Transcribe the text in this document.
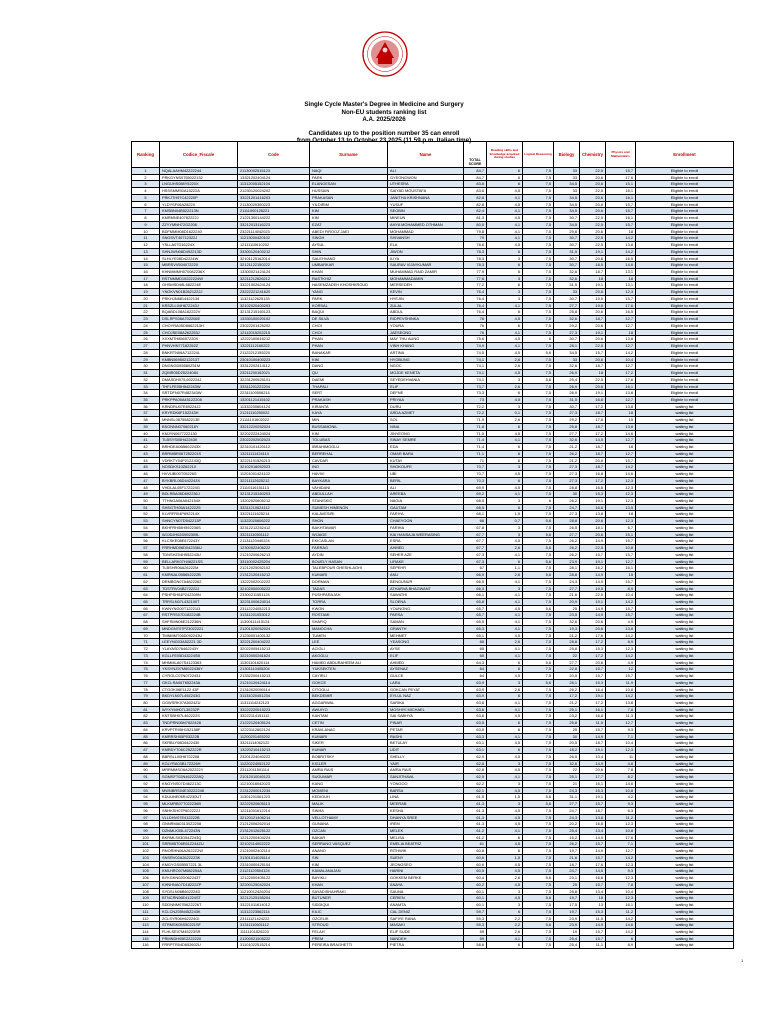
Single Cycle Master's Degree in Medicine and Surgery
Non-EU students ranking list
A.A. 2025/2026
Candidates up to the position number 35 can enroll
from October 13 to October 23,2025 (11.59 p.m. Italian time)
Ranking	Codice_Fiscale	Code	Surname	Name	TOTAL SCORE	Reading skills and knowledge acquired during studies	Logical Reasoning	Biology	Chemistry	Physics and Mathematics	Enrollment
1	NQALAAHM42222244	21130002515123	NAQI	ALI	84,7	6	7,5	33	22,5	15,7	Eligible to enroll
2	PRKGYNS0755022132	13321202404124	PARK	GYEONGWON	84,7	6	7,5	33	20,6	17,6	Eligible to enroll
3	LNGUHS088Y5220X	11312005152104	ELANGESAN	UTHESRA	83,6	6	7,5	34,5	20,6	15,1	Eligible to enroll
4	HSSSMMS0A15222A	21230120024202	HUSSAIN	SAIYAD MOUSTAFA	83,6	4,5	7,5	33	22,5	16,1	Eligible to enroll
5	PRKJTH97C42220P	33221201416203	PRAKASAN	JANITHA KRISHNANA	82,8	4,1	7,5	34,5	20,6	16,1	Eligible to enroll
6	YLDYSF06A2822X	21130020300223	YILDIRIM	YUSUF	82,8	4,5	7,5	34,5	20,6	15,7	Eligible to enroll
7	KMSBN04B522213N	21111000126221	KIM	SEOBIN	82,4	4,1	7,5	34,5	20,6	15,7	Eligible to enroll
8	KMRMNE40782222J	21221300144222	KIM	MINEUN	81,3	4,5	7,5	30,7	22,5	16,1	Eligible to enroll
9	ZZYYMNH72G2208	33212013116223	EZAT	AHYA MOHAMMED OTHMAN	80,5	4,1	7,5	34,5	22,5	15,7	Eligible to enroll
10	BDFMMM08D1622240	23221114042023	ABEDI FIROOZ JAEI	MOHAMMAD	79,8	4,1	7,5	29,6	20,6	18	Eligible to enroll
11	SNGSVT40712322J	11213000420102	SINGH	SHIVANSH	79	4,1	7,5	30,7	22,5	14,2	Eligible to enroll
12	YSLLA07D16224X	12111110610202	AYSUL	ELA	78,6	4,5	7,5	30,7	22,5	13,8	Eligible to enroll
13	SHNJWN08D492213D	33300120400212	SHIN	JIWON	78,3	6	7,5	31,5	19,1	14,2	Eligible to enroll
14	SLHLYE08D42224W	32101125162014	SALEHVAND	ILIYA	78,3	3	7,5	30,7	20,6	16,5	Eligible to enroll
15	MBRSVV50407222X	32121122150222	UMBARKAR	SAURAV VIJAYKUMAR	78,3	6	7,5	30,7	18,5	14,6	Eligible to enroll
16	KHNMMMH070082236X	13300021424124	KHAN	MUHAMMAD RAID ZAMIR	77,9	6	7,5	32,6	18,7	13,1	Eligible to enroll
17	RSTNMMD10222224W	32211212626212	RASTKHIZ	MOHAMMADAMIN	77,6	3	7,5	32,6	18	18	Eligible to enroll
18	GHSMSD98L682224E	33221002624124	HASEMZADEH KHOSHKROUD	MERSEDEH	77,2	6	7,5	31,5	19,1	13,1	Eligible to enroll
19	YNGKVN01B2621222J	23222221241620	YANG	KEVIN	76,4	3	7,5	33	20,6	12,3	Eligible to enroll
20	PRKHJN8814422134	11321122625133	PARK	HYEJIN	76,4	3	7,5	30,7	19,5	15,7	Eligible to enroll
21	KRSZLL04H672243J	32102020400203	KORSAL	ZULAL	76,4	4,1	7,5	27,7	19,5	17,6	Eligible to enroll
22	BQABDL08A162222V	32131215160123	BAQUI	ABDUL	76,4	6	7,5	25,8	20,6	16,5	Eligible to enroll
23	DSLRPS06A702206E	13330100020102	DE SILVA	RIDPEVSHINKA	76	4,5	7,5	32,6	18,7	12,7	Eligible to enroll
24	CHOYRA05D8662213H	23022201425202	CHOI	YOURA	76	6	7,5	29,2	20,6	12,7	Eligible to enroll
25	CHOJSE08A262253J	12112015202215	CHOI	JAESEONG	76	4,1	7,5	27,3	19,1	18	Eligible to enroll
26	XXXMTH85657220X	12222100616212	PHAN	MAY THU AUNG	75,6	4,5	6	30,7	20,6	13,8	Eligible to enroll
27	PHNVHN77182252Z	13221112160222	PHAN	VINH KHANG	74,9	4,1	7,5	28,1	22,5	12,7	Eligible to enroll
28	BNKRTN06A712224L	21122212155220	BANAKAR	ARTINA	74,5	4,5	5,6	34,5	15,7	14,2	Eligible to enroll
29	KMBN56950212213T	23010100400223	KIM	HYOBUNG	74,1	2,6	7,5	33	20,6	10,4	Eligible to enroll
30	DNGNGD55580Z51M	33312202414112	DANG	NGOC	74,1	2,6	7,5	32,6	18,7	12,7	Eligible to enroll
31	ZQMR05D25224084	23211200162021	QU	MOJDE KENETA	74,1	4,5	7,5	26,9	18	17,2	Eligible to enroll
32	DMASDH075,602224J	32231200525101	DAEMI	SEYEDEHVANIA	74,1	3	5,6	25,4	22,5	17,6	Eligible to enroll
33	THFLFE05H542243W	33311201222204	THAPALI	ELIF	73,7	2,6	7,5	26,9	20,6	16,1	Eligible to enroll
34	SRTDFN07R482343W	22311100506214	SERT	DEFNE	73,3	6	7,5	26,9	19,1	13,8	Eligible to enroll
35	PRKPPA05A45122208	13201121415102	PRAKASH	PRIYAA	73	4,5	7,5	31,5	16,8	12,7	Eligible to enroll
36	KRNDRU07E69224J2	11332200604124	KIRANTA	DURU	72,2	3	7,5	30,7	17,2	13,8	waiting list
37	KRYRDK6F152243H	21211110250022	KAYA	ARDA AZMET	72,2	0,1	7,5	27,3	18,7	18	waiting list
38	MNNSL0875582213E	21111101602022	MIN	SOL	71,9	2,6	7,5	29,2	17,6	15	waiting list
39	BSGNNN07060218Y	33212220252024	BUSSAMONIL	NINA	71,8	6	7,5	25,8	18,7	13,8	waiting list
40	KMJYN0677222130	32202222424024	KIM	JINYEONG	71,5	4,5	7,5	27,7	17,2	14,6	waiting list
41	TLBSYS05H422430	23022202502023	TOLUBAS	SINAY SEMRE	71,4	4,1	7,5	32,6	14,5	12,7	waiting list
42	BRHDEA06B602243X	32310101420112	IBRAHIMOGLU	EDA	71,4	6	7,5	21,2	18,7	18	waiting list
43	BRRMBR06T252201S	13211111424114	BERREHAL	OMAR BARA	71,1	6	7,5	26,2	18,7	12,7	waiting list
44	VDRKTY04P212Z43Q	32221101526213	CAVDAR	KUTAY	71	6	7,5	21,2	20,6	15,7	waiting list
45	NOSDKS10Z6221X	32102016052023	INO	SHOKOUFE	70,7	3	7,5	27,3	18,7	14,2	waiting list
46	HVVUBI00T05226S	11201001424102	HAVIVI	UBI	70,7	4,5	7,5	27,3	16,8	14,6	waiting list
47	BYKBRL06D442243X	32211112625212	BAYKARA	BERIL	70,3	6	7,5	27,3	17,2	12,3	waiting list
48	VHDLAL05F172224G	21110116151113	VAHIDANI	ALI	69,9	4,5	7,5	28,8	16,8	12,3	waiting list
49	BDLRBA06D692236J	32131215160203	ABDULLAH	AREEBA	69,2	4,1	7,5	30	15,3	12,3	waiting list
50	TTHNGA06A542154X	13202020605212	STANISKIC	NAGIA	68,5	3	6	26,2	19,1	12,3	waiting list
51	SHSGTH05A14222Z5	33311210624112	SUMESH HIMENON	GAUTAM	68,5	6	7,5	24,7	16,8	13,5	waiting list
52	KLVRFR04P692214X	33221111625214	KALAVESIRI	FARIYA	68,1	1,5	7,5	27,3	13,8	18	waiting list
53	SHNCYN07D542213P	11322020606222	SHON	CHAEYOON	68	0,7	5,6	28,8	20,6	12,3	waiting list
54	BKHFRH08H592236S	32312212252412	BAKHTAWAR	FARIHA	67,8	3	7,5	26,5	18,1	6,7	waiting list
55	WJJDJH02D592309L	33211110501112	WIJAGE	KAI HANSAJA WEERASING	67,7	3	5,6	27,7	20,6	15,1	waiting list
56	KLCSKE08E672243Y	21131120440224	EKICASLAN	ESRA	67,7	4,5	7,5	26,2	14,9	15,7	waiting list
57	FRRHMD06D042336U	12300022406222	FARRAG	AHMED	67,7	2,6	5,6	26,2	22,5	10,8	waiting list
58	TDNSHZ04H552243U	21210200626213	AYDIN	SEHER AZE	67,3	4,1	7,5	26,2	15,7	15,7	waiting list
59	BELLARK07H46221SS	33110002425204	BOUELY HASAN	LIRAKE	67,3	6	5,6	23,9	19,1	12,7	waiting list
60	TLBSHR06A26222M	21212025052102	TALEBPOUR GHESHLAGHI	SEPEHR	67	1,1	7,5	28,1	16,2	16,1	waiting list
61	KMRNAL05B652222B	21312120416212	KUMARI	ANU	66,9	2,6	5,6	28,8	14,9	15	waiting list
62	DRMBGN07A4822262	13222002002222	DORMAN	BENGUNUR	66,5	4,1	7,5	24,3	14,9	15,7	waiting list
63	TDSTRV04B272222J	32102000005222	TADAS	ATHARVA BHAGWANT	66,3	3	7,5	27,7	19,5	8,9	waiting list
64	PSHPSH04P242309N	23300211551124	PUSHPARAJAH	SAWATHI	66,1	4,1	7,5	21,6	22,5	10,4	waiting list
65	TRRSLN07L432100T	32231000624014	TORRA	SLOENA	65,8	4,1	7,5	20,9	19,1	14,2	waiting list
66	KWNYNG00T12221I3	23112224052213	KWON	YOUNGNG	65,7	4,5	5,6	25	14,9	15,7	waiting list
67	RSTPRS07D182224B	31311201053012	ROSTAMI	PARSA	65,7	4,1	7,5	23,5	14,9	15,7	waiting list
68	SHFSMN06E212236N	11300111415124	SHAFIQ	SAMAN	65,5	4,1	7,5	32,6	20,6	4,9	waiting list
69	MNDGNT07P23022221	21201020052024	MANOCHA	GRANTH	65,3	4,1	7,5	19,3	20,6	13,8	waiting list
70	TMNMMT06D092243U	21230001400132	TUMEN	MEHMET	65,1	4,5	7,5	21,2	17,6	14,2	waiting list
71	LEEYNG03A52221 3D	32221200404222	LEE	YEASONG	65	2,6	7,5	28,8	17,2	8,9	waiting list
72	YLAYAS076462243Y	32022005415213	ACIGLI	AYSE	65	4,1	7,5	25,8	15,3	12,3	waiting list
73	KGLLFE05D43224SB	32210000261624	AKOGLU	ELIF	65	4,1	7,5	22	17,2	14,2	waiting list
74	MHMMLA07S4123363	11301101620114	HAMED ABDURAHEEM ALI	AHMED	64,3	6	5,6	27,7	20,6	4,9	waiting list
75	YKSYNZ07M6022436Y	21301110405204	YUKSEKTEN	AYSENAZ	64	6	7,5	22,8	15,7	12	waiting list
76	CYRGLC07N0722431	21332200415213	CAYIRLI	GULCE	64	4,5	7,5	20,5	15,7	15,7	waiting list
77	GKCLRA06T652243A	21210120424114	GOKCE	LARA	63,9	3	5,6	28,1	15,3	11,9	waiting list
78	CTGOK06E1122 43F	21310020050114	CITOGLU	GOKCAN PEYAT	63,9	2,6	7,5	26,2	16,4	10,8	waiting list
79	BKDYLN07L49Z243G	31131020451234	BEKDEMIR	EYLUL NAZ	63,9	6	7,5	17,2	19,1	14,2	waiting list
80	GGWSRK07A5024ZU	11311114242123	AGGARWAL	SARIKA	63,8	4,1	7,5	21,2	17,2	13,8	waiting list
81	WYXYMH07L30232P	33222220515223	AWUIYO	MOSHIYI MICHAEL	63,6	4,1	7,5	25,1	16,1	7,8	waiting list
82	KNTSBH07L462222S	33222114151112	KANTAM	SAI SABHYA	63,6	4,5	7,5	23,2	16,8	11,3	waiting list
83	TNDPRN06M7622428	21222120405124	CETIN	PINAR	63,5	6	7,5	25,8	11,5	12,7	waiting list
84	KRVPTR05H15Z158F	12223112602124	KRAVLANAC	PETAR	63,5	6	7,5	25	15,7	9,3	waiting list
85	KMRRSH05P03222B	11200201405202	KUMARI	RASHI	63,3	4,1	7,5	30	14,9	7,1	waiting list
86	SKRBLY06D6422430	33211114062122	SIKER	BETULAY	63,1	4,5	7,5	20,5	18,7	10,4	waiting list
87	KMRDYT06C25Z222R	13220210415213	KUMAR	UDIT	63,1	6	7,5	18,2	19,1	12,3	waiting list
88	BBRSLL00H6722208	23201224040222	BOBRITSKY	SHELLY	62,9	4,5	7,5	26,5	13,4	11	waiting list
89	KGLYRA03B17Z226H	11220224052122	KIGLER	YAIR	62,8	3	7,5	32,6	14,9	4,8	waiting list
90	MRRMMSO6A202222Y	23112011501114	AMRA RAIS	AMRA RAIS	62,8	4,5	7,5	22	20,6	7,8	waiting list
91	SGMSFT02N4622228Q	21012010040123	SUGUMAR	SANJITHAVA	62,5	4,1	7,5	25,1	17,7	8,2	waiting list
92	KNGYNS07D462213C	11210016042023	KANG	YONGOO	62,2	3	7,5	21	16,1	14,6	waiting list
93	MWNBRS04E30222248	21312200012234	MOMENI	BARSA	62,1	4,5	7,5	24,3	15,3	10,8	waiting list
94	KDUUNE06R42230UT	11301201061223	KEDIOUH	LINA	61,5	1,5	5,6	31,1	19,1	4,2	waiting list
95	MLKMRB07T022236B	32222020605113	MALIK	MEERAB	61,3	3	5,6	27,7	15,7	9,3	waiting list
96	SNHKSH07P602222J	12211001612214	SINHA	KESHA	61,3	4,5	7,5	24,7	18,7	6,3	waiting list
97	VLLDHV07E412222B	32120121406214	VELLOTHAMY	DHANYA SREE	61,3	4,5	7,5	24,3	13,8	11,2	waiting list
98	GNNRMA03130Z2208	21212006262014	GUNANA	IREM	61,3	4,5	7,5	20,2	16,8	12,3	waiting list
99	DZNMLK05L472243N	21312012625122	OZCAN	MELEK	61,2	4,1	7,5	25,4	13,4	10,8	waiting list
100	BKRMLS03D54Z243Q	12212200404224	BAKAR	MELISA	61,2	6	7,5	15,2	14,9	17,6	waiting list
101	SRRMBT06E61Z244ZU	32102114002222	SERRANO VASQUEZ	EMELIA BEATRIZ	61	4,5	7,5	26,2	15,7	7,1	waiting list
102	RNORHN06A2622Z2W	21210002402114	ANANO	RITHWIK	60,8	6	7,5	19,7	14,9	12,7	waiting list
103	SNSRV02A26222Z3K	31301014026114	SIN	SUENY	60,6	1,5	7,5	21,6	15,7	14,2	waiting list
104	KMGYGS05B57221 3L	23310000425104	KIM	JEONGSEO	60,6	4,5	7,5	18,7	17,6	12,3	waiting list
105	KMLHRO07M682254A	21121120504124	KAMALANAJAN	HARINI	60,5	4,5	7,5	24,7	14,5	9,3	waiting list
106	BYKGKN02D062243T	12122000405122	BAYIKLI	GOKKEM BERKE	60,4	2,6	5,6	23,1	16,8	12,3	waiting list
107	KHNHNA07D18222ZP	32200125042024	KHAN	ANAYA	60,2	4,5	7,5	25	15,7	7,8	waiting list
108	SYDSLN06B602224D	11210012426204	SAYADISHAHRAKI	SAUNA	60,1	3	7,5	25,8	13,4	10,4	waiting list
109	BTNCRN06E41224ST	32212125155204	BUTUNER	CERIEN	60,1	4,5	5,6	19,7	18	12,3	waiting list
110	SDDNNM07B622226T	33221011614012	SIDDIQUI	ANAMTA	60,1	3	7,5	17,5	13	16,1	waiting list
111	KCLCNZ05N45Z243K	11312223562114	KILIC	CAL DENIZ	59,7	6	7,5	19,7	15,3	11,2	waiting list
112	ZCLSYR06H62224GI	23111121424222	OZCELIK	SAFIYE RANA	59,3	2,2	7,5	23,9	11,5	14,2	waiting list
113	STRMSK05S50221SF	31311110601112	STROUD	MASAKI	59,3	2,2	5,6	23,9	14,9	14,6	waiting list
114	FLHLSE07M45223SR	11111101526223	FELAH	ELIF SUDE	59	2,6	7,5	19	15,7	14,2	waiting list
115	PRMNDH05E2222220	21200021505222	PREM	NANDEH	59	4,1	7,5	25,4	15,7	6	waiting list
116	FRRPTR04D652602U	31101022515214	PEREIRA BRAGHETTI	PIETRA	58,6	6	7,5	25,4	11,1	8,9	waiting list
1
